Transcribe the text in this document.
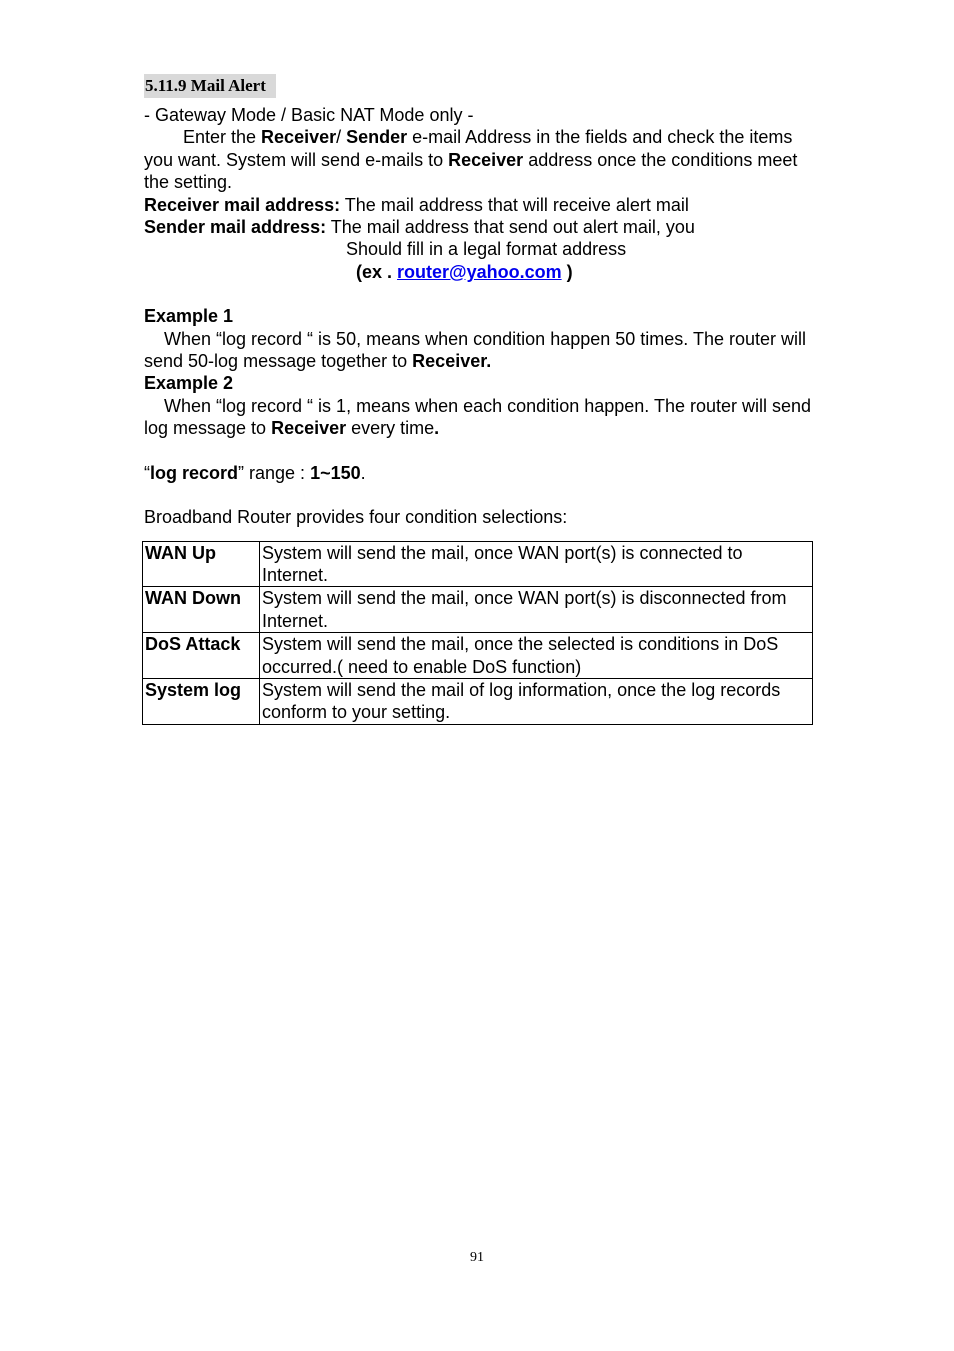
5.11.9 Mail Alert

- Gateway Mode / Basic NAT Mode only -

Enter the Receiver/ Sender e-mail Address in the fields and check the items you want. System will send e-mails to Receiver address once the conditions meet the setting.

Receiver mail address: The mail address that will receive alert mail

Sender mail address: The mail address that send out alert mail, you

Should fill in a legal format address

(ex . router@yahoo.com )

Example 1

When “log record “ is 50, means when condition happen 50 times. The router will send 50-log message together to Receiver.

Example 2

When “log record “ is 1, means when each condition happen. The router will send log message to Receiver every time.

“log record” range : 1~150.

Broadband Router provides four condition selections:

WAN Up	System will send the mail, once WAN port(s) is connected to Internet.
WAN Down	System will send the mail, once WAN port(s) is disconnected from Internet.
DoS Attack	System will send the mail, once the selected is conditions in DoS occurred.( need to enable DoS function)
System log	System will send the mail of log information, once the log records conform to your setting.
91
